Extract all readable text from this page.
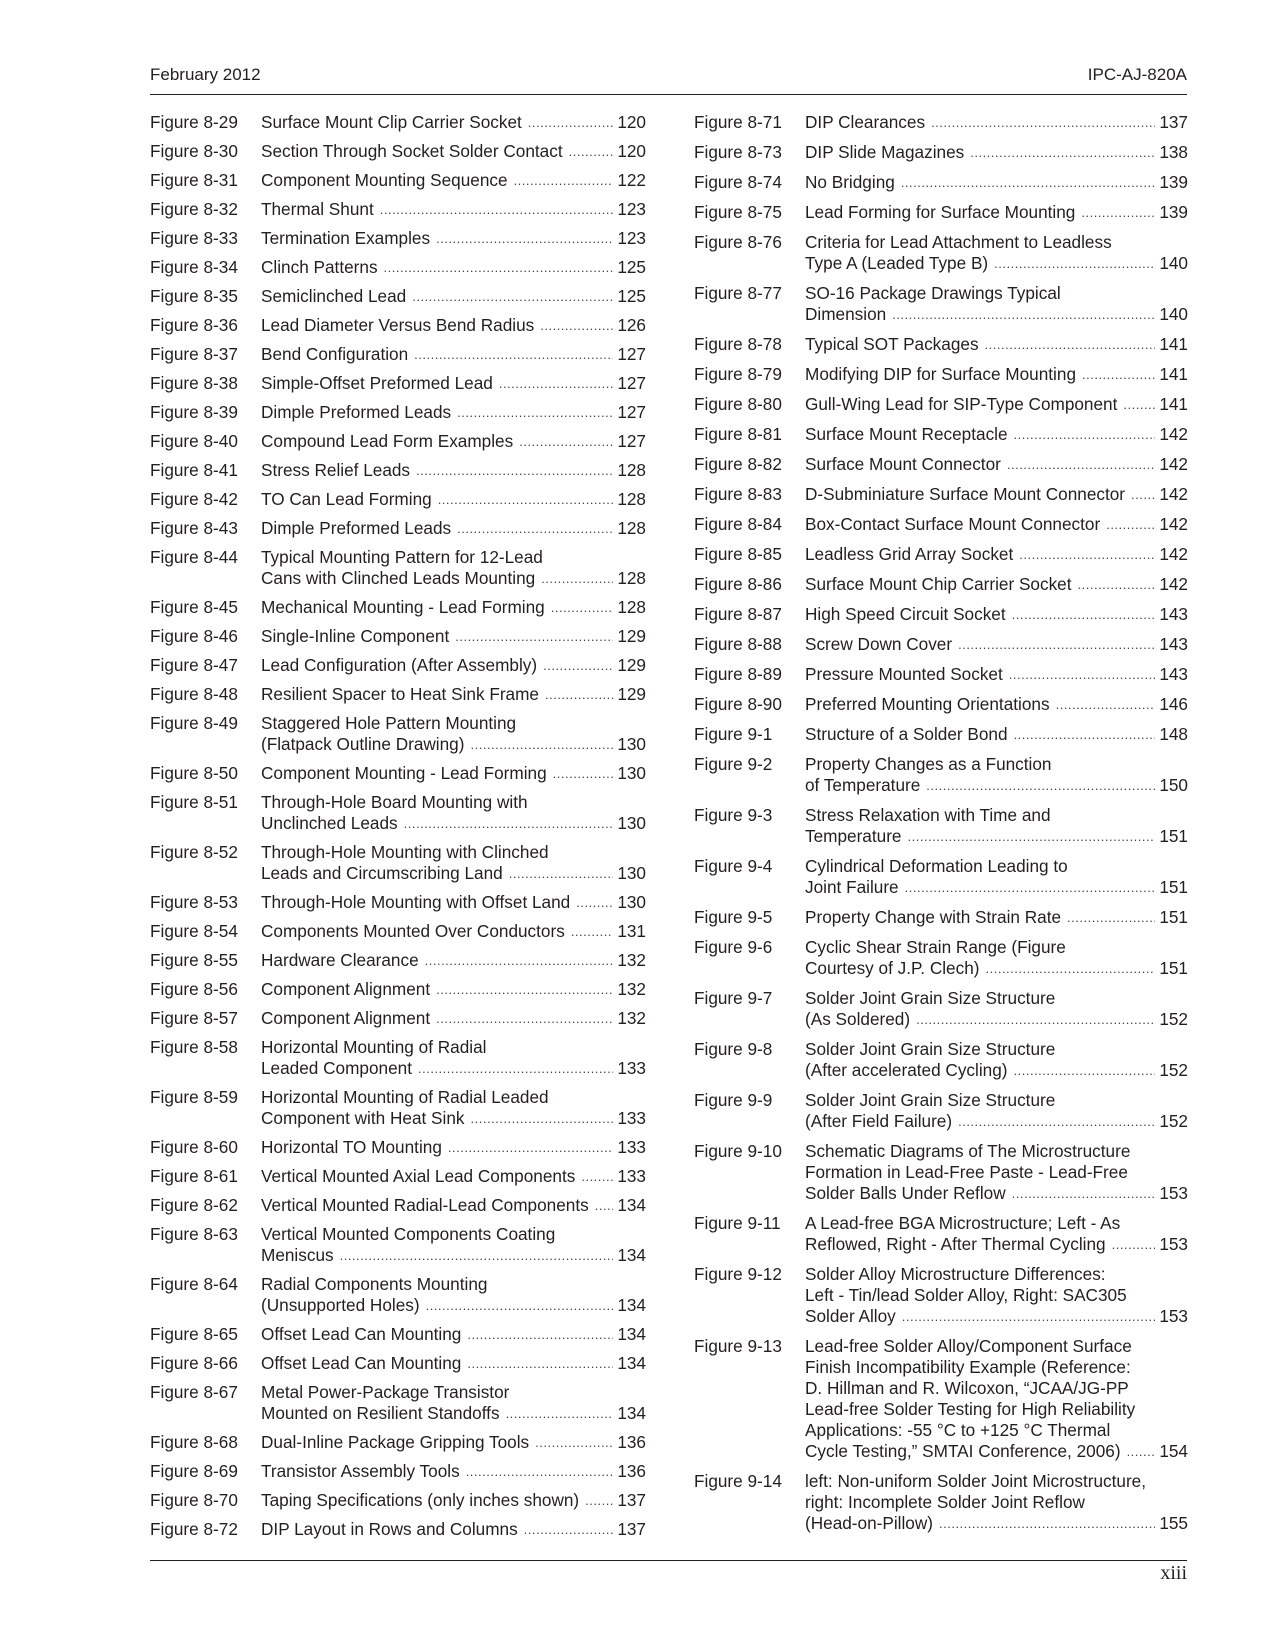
February 2012	IPC-AJ-820A
Figure 8-29	Surface Mount Clip Carrier Socket .....	120
Figure 8-30	Section Through Socket Solder Contact .....	120
Figure 8-31	Component Mounting Sequence .....	122
Figure 8-32	Thermal Shunt .....	123
Figure 8-33	Termination Examples .....	123
Figure 8-34	Clinch Patterns .....	125
Figure 8-35	Semiclinched Lead .....	125
Figure 8-36	Lead Diameter Versus Bend Radius .....	126
Figure 8-37	Bend Configuration .....	127
Figure 8-38	Simple-Offset Preformed Lead .....	127
Figure 8-39	Dimple Preformed Leads .....	127
Figure 8-40	Compound Lead Form Examples .....	127
Figure 8-41	Stress Relief Leads .....	128
Figure 8-42	TO Can Lead Forming .....	128
Figure 8-43	Dimple Preformed Leads .....	128
Figure 8-44	Typical Mounting Pattern for 12-Lead
Cans with Clinched Leads Mounting .....	128
Figure 8-45	Mechanical Mounting - Lead Forming .....	128
Figure 8-46	Single-Inline Component .....	129
Figure 8-47	Lead Configuration (After Assembly) .....	129
Figure 8-48	Resilient Spacer to Heat Sink Frame .....	129
Figure 8-49	Staggered Hole Pattern Mounting
(Flatpack Outline Drawing) .....	130
Figure 8-50	Component Mounting - Lead Forming .....	130
Figure 8-51	Through-Hole Board Mounting with
Unclinched Leads .....	130
Figure 8-52	Through-Hole Mounting with Clinched
Leads and Circumscribing Land .....	130
Figure 8-53	Through-Hole Mounting with Offset Land .....	130
Figure 8-54	Components Mounted Over Conductors .....	131
Figure 8-55	Hardware Clearance .....	132
Figure 8-56	Component Alignment .....	132
Figure 8-57	Component Alignment .....	132
Figure 8-58	Horizontal Mounting of Radial
Leaded Component .....	133
Figure 8-59	Horizontal Mounting of Radial Leaded
Component with Heat Sink .....	133
Figure 8-60	Horizontal TO Mounting .....	133
Figure 8-61	Vertical Mounted Axial Lead Components ..... 133
Figure 8-62	Vertical Mounted Radial-Lead Components ..... 134
Figure 8-63	Vertical Mounted Components Coating
Meniscus .....	134
Figure 8-64	Radial Components Mounting
(Unsupported Holes) .....	134
Figure 8-65	Offset Lead Can Mounting .....	134
Figure 8-66	Offset Lead Can Mounting .....	134
Figure 8-67	Metal Power-Package Transistor
Mounted on Resilient Standoffs .....	134
Figure 8-68	Dual-Inline Package Gripping Tools .....	136
Figure 8-69	Transistor Assembly Tools .....	136
Figure 8-70	Taping Specifications (only inches shown) ..... 137
Figure 8-72	DIP Layout in Rows and Columns .....	137
Figure 8-71	DIP Clearances .....	137
Figure 8-73	DIP Slide Magazines .....	138
Figure 8-74	No Bridging .....	139
Figure 8-75	Lead Forming for Surface Mounting .....	139
Figure 8-76	Criteria for Lead Attachment to Leadless
Type A (Leaded Type B) .....	140
Figure 8-77	SO-16 Package Drawings Typical
Dimension .....	140
Figure 8-78	Typical SOT Packages .....	141
Figure 8-79	Modifying DIP for Surface Mounting .....	141
Figure 8-80	Gull-Wing Lead for SIP-Type Component ..... 141
Figure 8-81	Surface Mount Receptacle .....	142
Figure 8-82	Surface Mount Connector .....	142
Figure 8-83	D-Subminiature Surface Mount Connector ..... 142
Figure 8-84	Box-Contact Surface Mount Connector .....	142
Figure 8-85	Leadless Grid Array Socket .....	142
Figure 8-86	Surface Mount Chip Carrier Socket .....	142
Figure 8-87	High Speed Circuit Socket .....	143
Figure 8-88	Screw Down Cover .....	143
Figure 8-89	Pressure Mounted Socket .....	143
Figure 8-90	Preferred Mounting Orientations .....	146
Figure 9-1	Structure of a Solder Bond .....	148
Figure 9-2	Property Changes as a Function
of Temperature .....	150
Figure 9-3	Stress Relaxation with Time and
Temperature .....	151
Figure 9-4	Cylindrical Deformation Leading to
Joint Failure .....	151
Figure 9-5	Property Change with Strain Rate .....	151
Figure 9-6	Cyclic Shear Strain Range (Figure
Courtesy of J.P. Clech) .....	151
Figure 9-7	Solder Joint Grain Size Structure
(As Soldered) .....	152
Figure 9-8	Solder Joint Grain Size Structure
(After accelerated Cycling) .....	152
Figure 9-9	Solder Joint Grain Size Structure
(After Field Failure) .....	152
Figure 9-10	Schematic Diagrams of The Microstructure
Formation in Lead-Free Paste - Lead-Free
Solder Balls Under Reflow .....	153
Figure 9-11	A Lead-free BGA Microstructure; Left - As
Reflowed, Right - After Thermal Cycling .....	153
Figure 9-12	Solder Alloy Microstructure Differences:
Left - Tin/lead Solder Alloy, Right: SAC305
Solder Alloy .....	153
Figure 9-13	Lead-free Solder Alloy/Component Surface
Finish Incompatibility Example (Reference:
D. Hillman and R. Wilcoxon, “JCAA/JG-PP
Lead-free Solder Testing for High Reliability
Applications: -55 °C to +125 °C Thermal
Cycle Testing,” SMTAI Conference, 2006) ..... 154
Figure 9-14	left: Non-uniform Solder Joint Microstructure,
right: Incomplete Solder Joint Reflow
(Head-on-Pillow) .....	155
xiii
